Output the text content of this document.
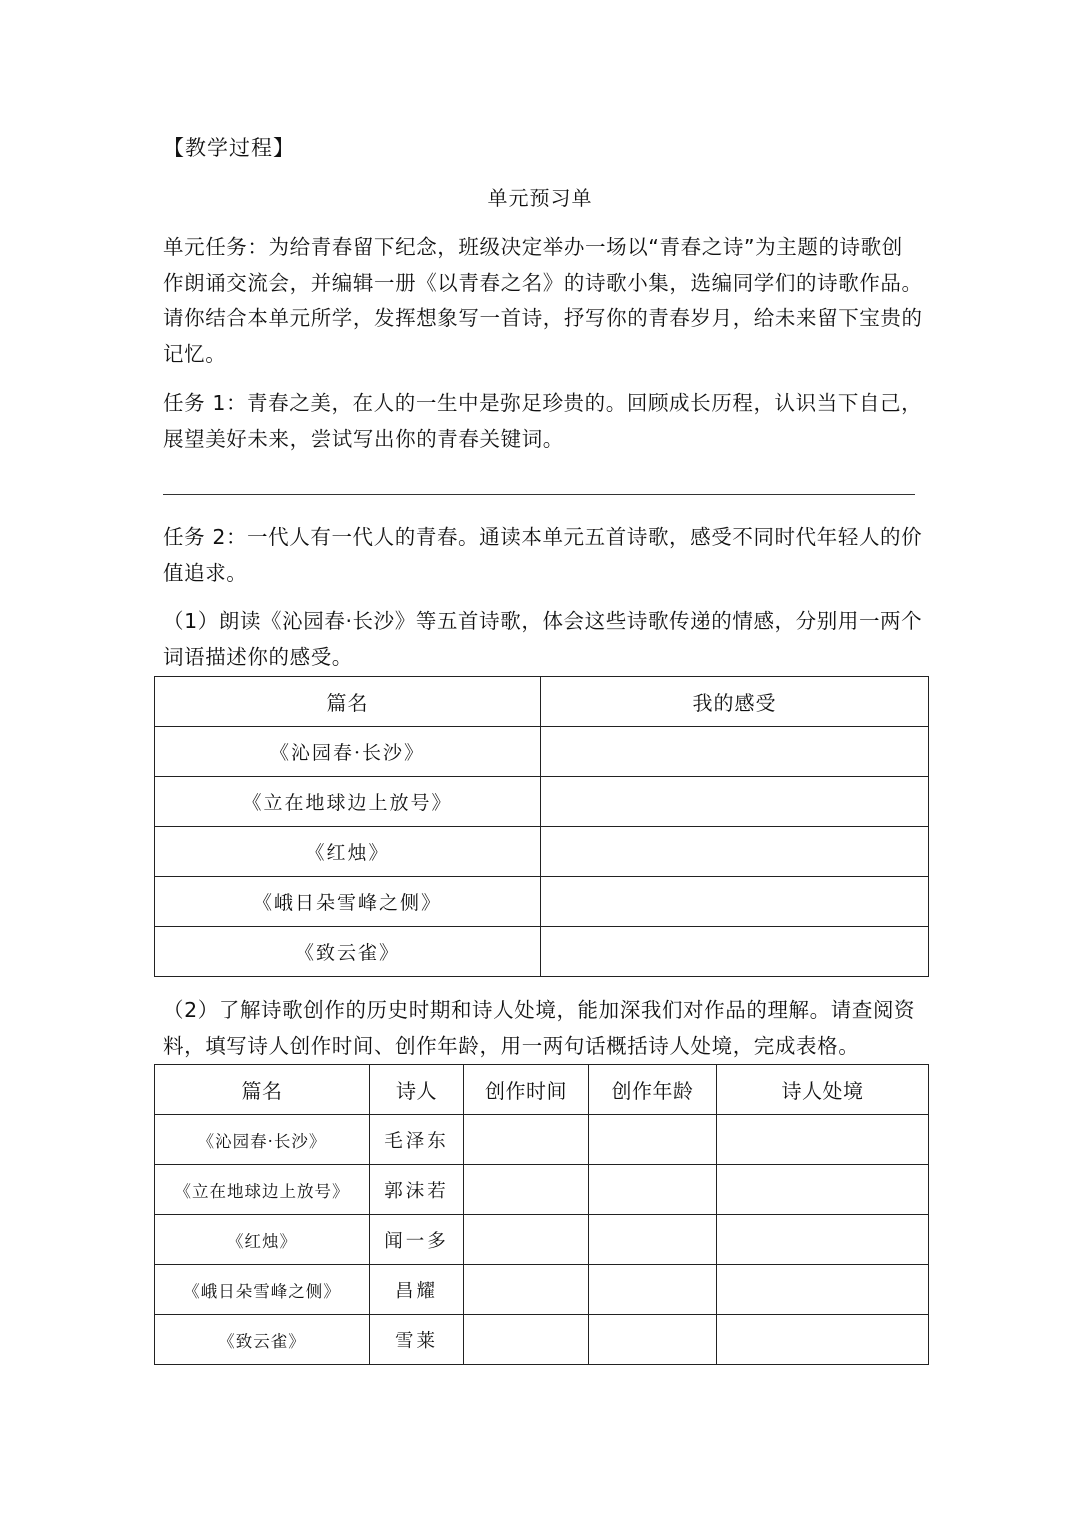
【教学过程】
单元预习单

单元任务：为给青春留下纪念，班级决定举办一场以“青春之诗”为主题的诗歌创作朗诵交流会，并编辑一册《以青春之名》的诗歌小集，选编同学们的诗歌作品。请你结合本单元所学，发挥想象写一首诗，抒写你的青春岁月，给未来留下宝贵的记忆。

任务 1：青春之美，在人的一生中是弥足珍贵的。回顾成长历程，认识当下自己，展望美好未来，尝试写出你的青春关键词。

任务 2：一代人有一代人的青春。通读本单元五首诗歌，感受不同时代年轻人的价值追求。

（1）朗读《沁园春·长沙》等五首诗歌，体会这些诗歌传递的情感，分别用一两个词语描述你的感受。

篇名	我的感受
《沁园春·长沙》	
《立在地球边上放号》	
《红烛》	
《峨日朵雪峰之侧》	
《致云雀》	

（2）了解诗歌创作的历史时期和诗人处境，能加深我们对作品的理解。请查阅资料，填写诗人创作时间、创作年龄，用一两句话概括诗人处境，完成表格。

篇名	诗人	创作时间	创作年龄	诗人处境
《沁园春·长沙》	毛泽东			
《立在地球边上放号》	郭沫若			
《红烛》	闻一多			
《峨日朵雪峰之侧》	昌耀			
《致云雀》	雪莱			
